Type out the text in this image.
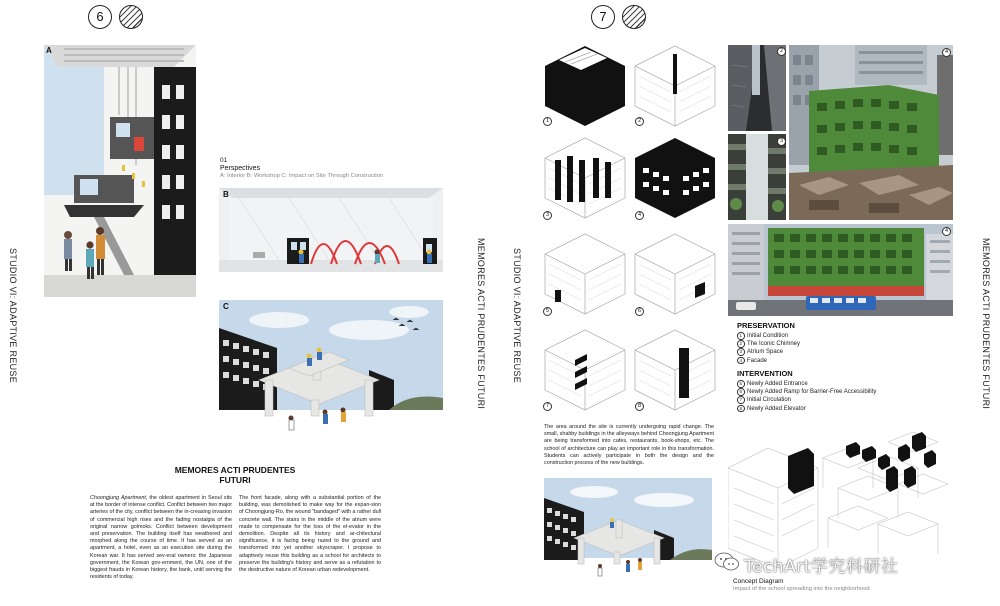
6
STUDIO VI: ADAPTIVE REUSE	MEMORES ACTI PRUDENTES FUTURI
A
01
Perspectives
A: Interior B: Workshop C: Impact on Site Through Construction
B
C
MEMORES ACTI PRUDENTES FUTURI
Choongjung Apartment, the oldest apartment in Seoul sits at the border of intense conflict. Conflict between two major arteries of the city, conflict between the in-creasing invasion of commercial high rises and the fading nostalgia of the original narrow golmoks. Conflict between development and preservation. The building itself has weathered and morphed along the course of time. It has served as an apartment, a hotel, even as an execution site during the Korean war. It has served sev-eral owners: the Japanese government, the Korean gov-ernment, the UN, one of the biggest frauds in Korean history, the bank, until serving the residents of today.
The front facade, along with a substantial portion of the building, was demolished to make way for the expan-sion of Choongjung-Ro, the wound "bandaged" with a rather dull concrete wall. The stairs in the middle of the atrium were made to compensate for the loss of the el-evator in the demolition. Despite all its history and ar-chitectural significance, it is facing being razed to the ground and transformed into yet another skyscraper. I propose to adaptively reuse this building as a school for architects to preserve the building's history and serve as a refutation to the destructive nature of Korean urban redevelopment.
7
STUDIO VI: ADAPTIVE REUSE	MEMORES ACTI PRUDENTES FUTURI
1	2
3	4
5	6
7	8
2
3
4
4
PRESERVATION
1 Initial Condition
2 The Iconic Chimney
3 Atrium Space
4 Facade
INTERVENTION
5 Newly Added Entrance
6 Newly Added Ramp for Barrier-Free Accessibility
7 Initial Circulation
8 Newly Added Elevator
The area around the site is currently undergoing rapid change. The small, shabby buildings in the alleyways behind Choongjung Apartment are being transformed into cafes, restaurants, book-shops, etc. The school of architecture can play an important role in this transformation. Students can actively participate in both the design and the construction process of the new buildings.
Concept Diagram
Impact of the school spreading into the neighborhood
TechArt学究科研社
